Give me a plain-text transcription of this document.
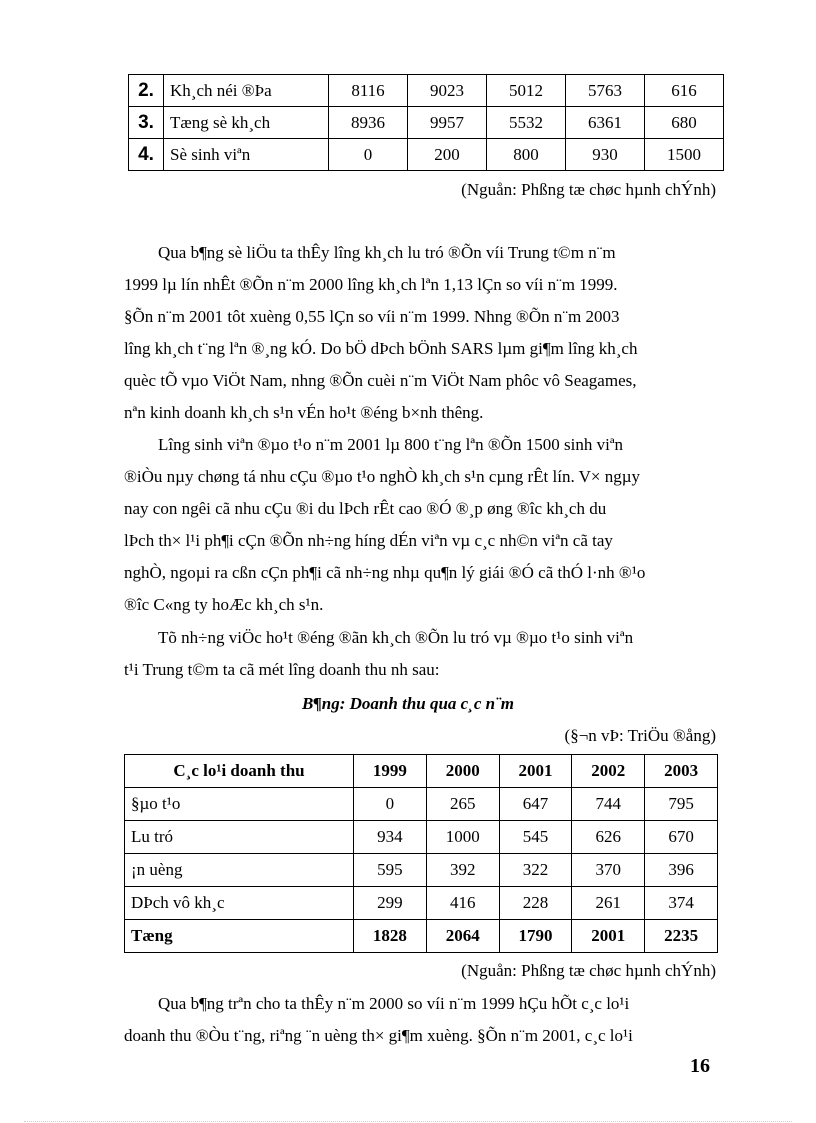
2.	Kh¸ch néi ®Þa	8116	9023	5012	5763	616
3.	Tæng sè kh¸ch	8936	9957	5532	6361	680
4.	Sè sinh viªn	0	200	800	930	1500
(Nguån: Phßng tæ chøc hµnh chÝnh)
Qua b¶ng sè liÖu ta thÊy lîng kh¸ch lu tró ®Õn víi Trung t©m n¨m
1999 lµ lín nhÊt ®Õn n¨m 2000 lîng kh¸ch lªn 1,13 lÇn so víi n¨m 1999.
§Õn n¨m 2001 tôt xuèng 0,55 lÇn so víi n¨m 1999. Nhng ®Õn n¨m 2003
lîng kh¸ch t¨ng lªn ®¸ng kÓ. Do bÖ dÞch bÖnh SARS lµm gi¶m lîng kh¸ch
quèc tÕ vµo ViÖt Nam, nhng ®Õn cuèi n¨m ViÖt Nam phôc vô Seagames,
nªn kinh doanh kh¸ch s¹n vÉn ho¹t ®éng b×nh thêng.
Lîng sinh viªn ®µo t¹o n¨m 2001 lµ 800 t¨ng lªn ®Õn 1500 sinh viªn
®iÒu nµy chøng tá nhu cÇu ®µo t¹o nghÒ kh¸ch s¹n cµng rÊt lín. V× ngµy
nay con ngêi cã nhu cÇu ®i du lÞch rÊt cao ®Ó ®¸p øng ®îc kh¸ch du
lÞch th× l¹i ph¶i cÇn ®Õn nh÷ng híng dÉn viªn vµ c¸c nh©n viªn cã tay
nghÒ, ngoµi ra cßn cÇn ph¶i cã nh÷ng nhµ qu¶n lý giái ®Ó cã thÓ l·nh ®¹o
®îc C«ng ty hoÆc kh¸ch s¹n.
Tõ nh÷ng viÖc ho¹t ®éng ®ãn kh¸ch ®Õn lu tró vµ ®µo t¹o sinh viªn
t¹i Trung t©m ta cã mét lîng doanh thu nh sau:
B¶ng: Doanh thu qua c¸c n¨m
(§¬n vÞ: TriÖu ®ång)
C¸c lo¹i doanh thu	1999	2000	2001	2002	2003
§µo t¹o	0	265	647	744	795
Lu tró	934	1000	545	626	670
¡n uèng	595	392	322	370	396
DÞch vô kh¸c	299	416	228	261	374
Tæng	1828	2064	1790	2001	2235
(Nguån: Phßng tæ chøc hµnh chÝnh)
Qua b¶ng trªn cho ta thÊy n¨m 2000 so víi n¨m 1999 hÇu hÕt c¸c lo¹i
doanh thu ®Òu t¨ng, riªng ¨n uèng th× gi¶m xuèng. §Õn n¨m 2001, c¸c lo¹i
16
